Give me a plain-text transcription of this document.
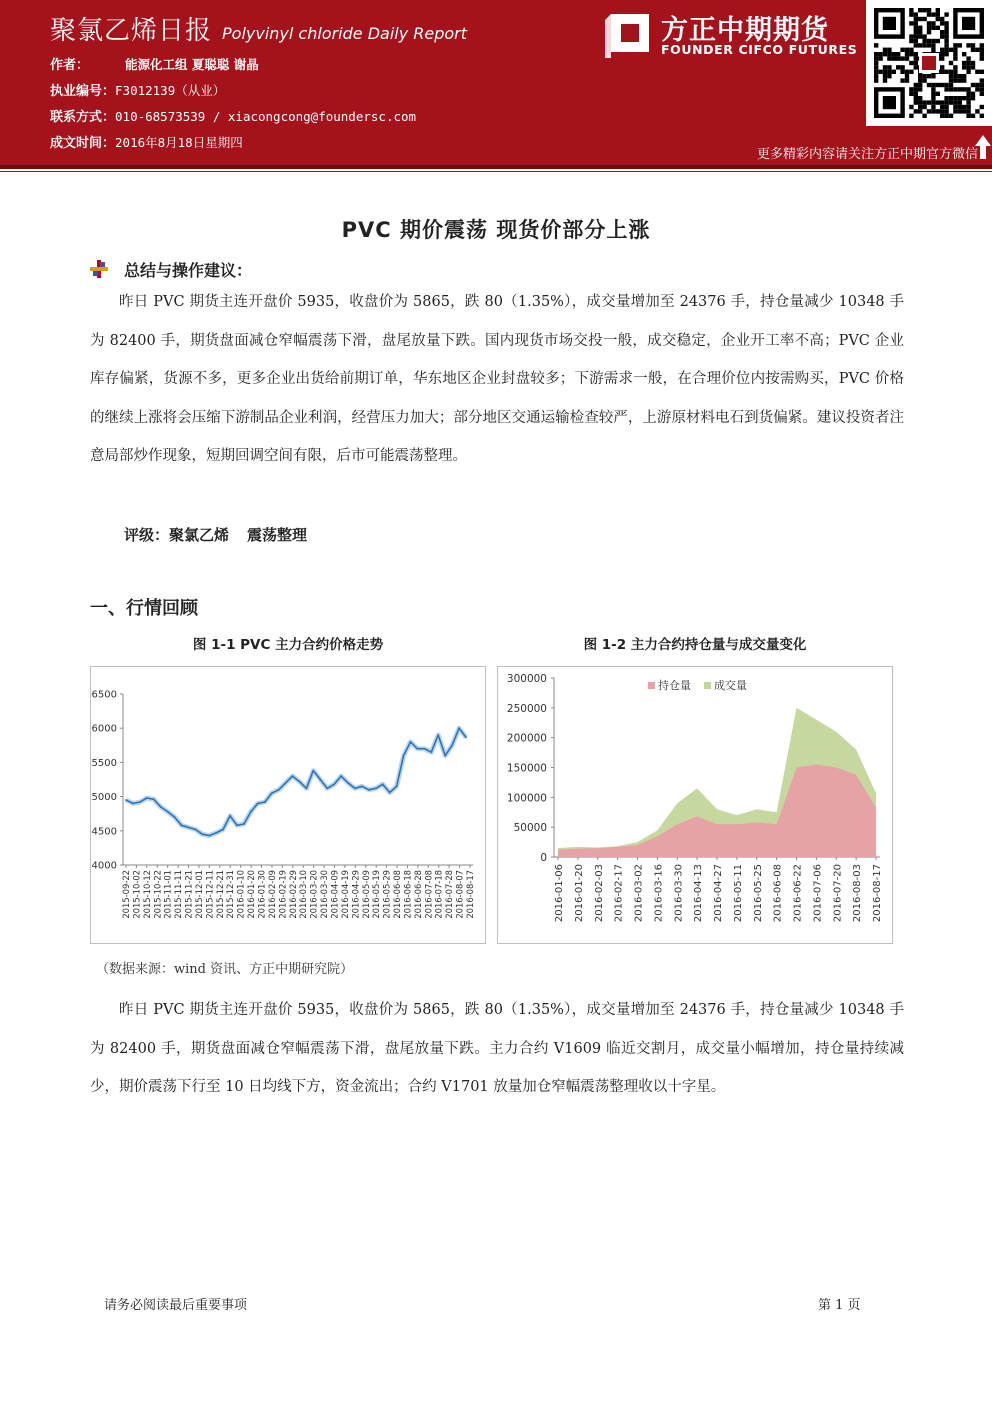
聚氯乙烯日报 Polyvinyl chloride Daily Report
作者：	能源化工组 夏聪聪 谢晶
执业编号：F3012139（从业）
联系方式：010-68573539 / xiacongcong@foundersc.com
成文时间：2016年8月18日星期四
方正中期期货
FOUNDER CIFCO FUTURES
更多精彩内容请关注方正中期官方微信
PVC 期价震荡 现货价部分上涨
总结与操作建议：
昨日 PVC 期货主连开盘价 5935，收盘价为 5865，跌 80（1.35%），成交量增加至 24376 手，持仓量减少 10348 手为 82400 手，期货盘面减仓窄幅震荡下滑，盘尾放量下跌。国内现货市场交投一般，成交稳定，企业开工率不高；PVC 企业库存偏紧，货源不多，更多企业出货给前期订单，华东地区企业封盘较多；下游需求一般，在合理价位内按需购买，PVC 价格的继续上涨将会压缩下游制品企业利润，经营压力加大；部分地区交通运输检查较严，上游原材料电石到货偏紧。建议投资者注意局部炒作现象，短期回调空间有限，后市可能震荡整理。
评级：聚氯乙烯 震荡整理
一、行情回顾
图 1-1 PVC 主力合约价格走势	图 1-2 主力合约持仓量与成交量变化
4000
4500
5000
5500
6000
6500
2015-09-22 2015-10-02 2015-10-12 2015-10-22 2015-11-01 2015-11-11 2015-11-21 2015-12-01 2015-12-11 2015-12-21 2015-12-31 2016-01-10 2016-01-20 2016-01-30 2016-02-09 2016-02-19 2016-02-29 2016-03-10 2016-03-20 2016-03-30 2016-04-09 2016-04-19 2016-04-29 2016-05-09 2016-05-19 2016-05-29 2016-06-08 2016-06-18 2016-06-28 2016-07-08 2016-07-18 2016-07-28 2016-08-07 2016-08-17
0
50000
100000
150000
200000
250000
300000
2016-01-06 2016-01-20 2016-02-03 2016-02-17 2016-03-02 2016-03-16 2016-03-30 2016-04-13 2016-04-27 2016-05-11 2016-05-25 2016-06-08 2016-06-22 2016-07-06 2016-07-20 2016-08-03 2016-08-17
持仓量 成交量
（数据来源：wind 资讯、方正中期研究院）
昨日 PVC 期货主连开盘价 5935，收盘价为 5865，跌 80（1.35%），成交量增加至 24376 手，持仓量减少 10348 手为 82400 手，期货盘面减仓窄幅震荡下滑，盘尾放量下跌。主力合约 V1609 临近交割月，成交量小幅增加，持仓量持续减少，期价震荡下行至 10 日均线下方，资金流出；合约 V1701 放量加仓窄幅震荡整理收以十字星。
请务必阅读最后重要事项	第 1 页
